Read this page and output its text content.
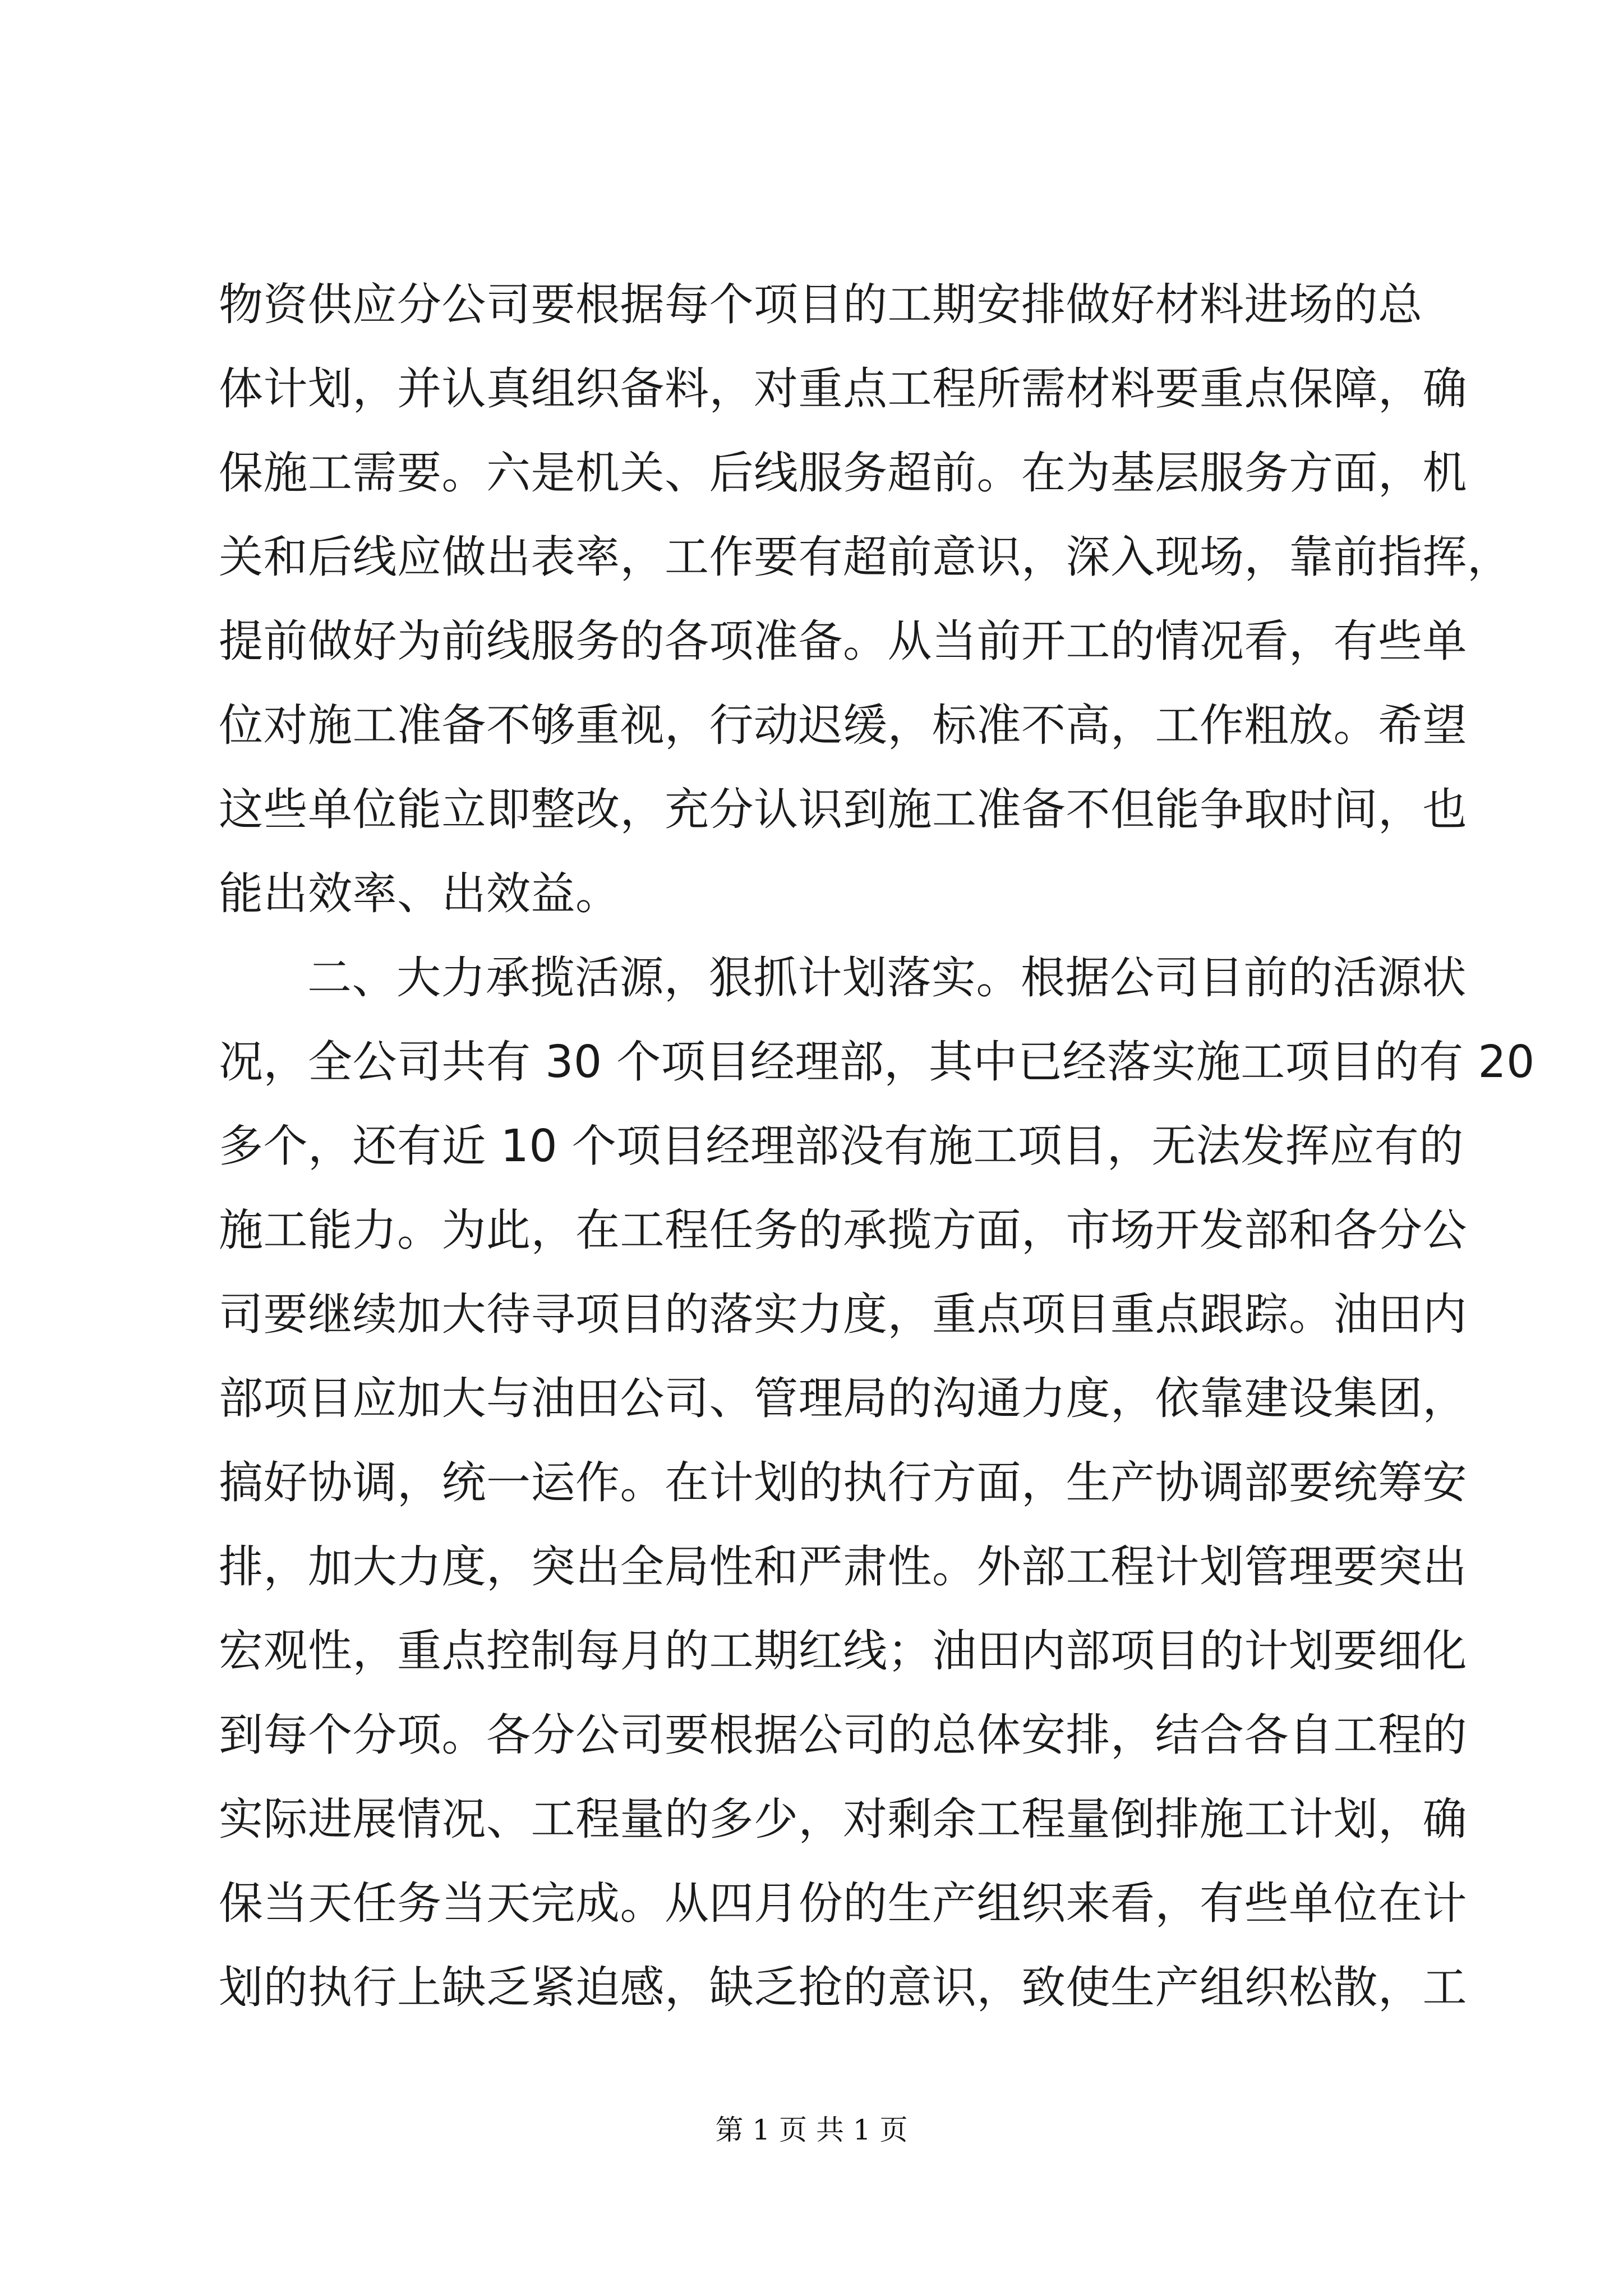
物资供应分公司要根据每个项目的工期安排做好材料进场的总
体计划，并认真组织备料，对重点工程所需材料要重点保障，确
保施工需要。六是机关、后线服务超前。在为基层服务方面，机
关和后线应做出表率，工作要有超前意识，深入现场，靠前指挥，
提前做好为前线服务的各项准备。从当前开工的情况看，有些单
位对施工准备不够重视，行动迟缓，标准不高，工作粗放。希望
这些单位能立即整改，充分认识到施工准备不但能争取时间，也
能出效率、出效益。
二、大力承揽活源，狠抓计划落实。根据公司目前的活源状
况，全公司共有 30 个项目经理部，其中已经落实施工项目的有 20
多个，还有近 10 个项目经理部没有施工项目，无法发挥应有的
施工能力。为此，在工程任务的承揽方面，市场开发部和各分公
司要继续加大待寻项目的落实力度，重点项目重点跟踪。油田内
部项目应加大与油田公司、管理局的沟通力度，依靠建设集团，
搞好协调，统一运作。在计划的执行方面，生产协调部要统筹安
排，加大力度，突出全局性和严肃性。外部工程计划管理要突出
宏观性，重点控制每月的工期红线；油田内部项目的计划要细化
到每个分项。各分公司要根据公司的总体安排，结合各自工程的
实际进展情况、工程量的多少，对剩余工程量倒排施工计划，确
保当天任务当天完成。从四月份的生产组织来看，有些单位在计
划的执行上缺乏紧迫感，缺乏抢的意识，致使生产组织松散，工
第 1 页 共 1 页
